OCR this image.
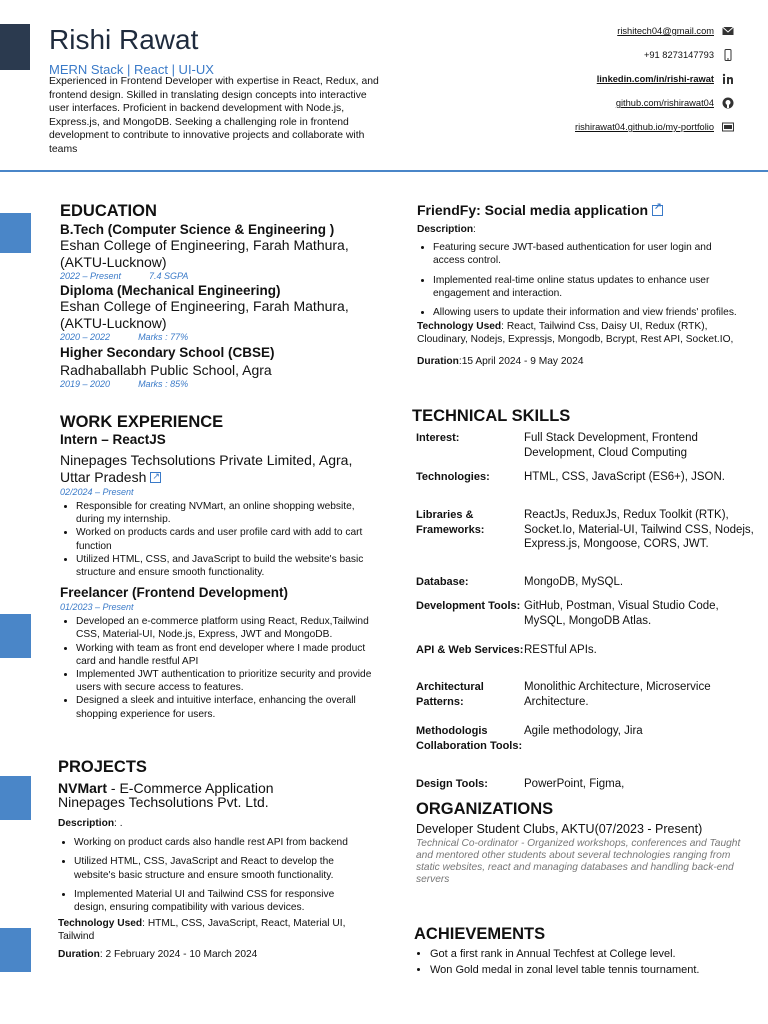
Rishi Rawat
MERN Stack | React | UI-UX
Experienced in Frontend Developer with expertise in React, Redux, and frontend design. Skilled in translating design concepts into interactive user interfaces. Proficient in backend development with Node.js, Express.js, and MongoDB. Seeking a challenging role in frontend development to contribute to innovative projects and collaborate with teams
rishitech04@gmail.com
+91 8273147793
linkedin.com/in/rishi-rawat
github.com/rishirawat04
rishirawat04.github.io/my-portfolio
EDUCATION
B.Tech (Computer Science & Engineering )
Eshan College of Engineering, Farah Mathura, (AKTU-Lucknow)
2022 – Present	7.4 SGPA
Diploma (Mechanical Engineering)
Eshan College of Engineering, Farah Mathura, (AKTU-Lucknow)
2020 – 2022	Marks : 77%
Higher Secondary School (CBSE)
Radhaballabh Public School, Agra
2019 – 2020	Marks : 85%
WORK EXPERIENCE
Intern – ReactJS
Ninepages Techsolutions Private Limited, Agra, Uttar Pradesh↗
02/2024 – Present
• Responsible for creating NVMart, an online shopping website, during my internship.
• Worked on products cards and user profile card with add to cart function
• Utilized HTML, CSS, and JavaScript to build the website's basic structure and ensure smooth functionality.
Freelancer (Frontend Development)
01/2023 – Present
• Developed an e-commerce platform using React, Redux,Tailwind CSS, Material-UI, Node.js, Express, JWT and MongoDB.
• Working with team as front end developer where I made product card and handle restful API
• Implemented JWT authentication to prioritize security and provide users with secure access to features.
• Designed a sleek and intuitive interface, enhancing the overall shopping experience for users.
PROJECTS
NVMart - E-Commerce Application
Ninepages Techsolutions Pvt. Ltd.
Description: .
• Working on product cards also handle rest API from backend
• Utilized HTML, CSS, JavaScript and React to develop the website's basic structure and ensure smooth functionality.
• Implemented Material UI and Tailwind CSS for responsive design, ensuring compatibility with various devices.
Technology Used: HTML, CSS, JavaScript, React, Material UI, Tailwind
Duration: 2 February 2024 - 10 March 2024
FriendFy: Social media application↗
Description:
• Featuring secure JWT-based authentication for user login and access control.
• Implemented real-time online status updates to enhance user engagement and interaction.
• Allowing users to update their information and view friends' profiles.
Technology Used: React, Tailwind Css, Daisy UI, Redux (RTK), Cloudinary, Nodejs, Expressjs, Mongodb, Bcrypt, Rest API, Socket.IO,
Duration:15 April 2024 - 9 May 2024
TECHNICAL SKILLS
Interest:	Full Stack Development, Frontend Development, Cloud Computing
Technologies:	HTML, CSS, JavaScript (ES6+), JSON.
Libraries & Frameworks:
ReactJs, ReduxJs, Redux Toolkit (RTK), Socket.Io, Material-UI, Tailwind CSS, Nodejs, Express.js, Mongoose, CORS, JWT.
Database:	MongoDB, MySQL.
Development Tools: GitHub, Postman, Visual Studio Code, MySQL, MongoDB Atlas.
API & Web Services: RESTful APIs.
Architectural Patterns:
Monolithic Architecture, Microservice Architecture.
Methodologis Collaboration Tools:
Agile methodology, Jira
Design Tools:	PowerPoint, Figma,
ORGANIZATIONS
Developer Student Clubs, AKTU(07/2023 - Present)
Technical Co-ordinator - Organized workshops, conferences and Taught
and mentored other students about several technologies ranging from
static websites, react and managing databases and handling back-end servers
ACHIEVEMENTS
• Got a first rank in Annual Techfest at College level.
• Won Gold medal in zonal level table tennis tournament.
